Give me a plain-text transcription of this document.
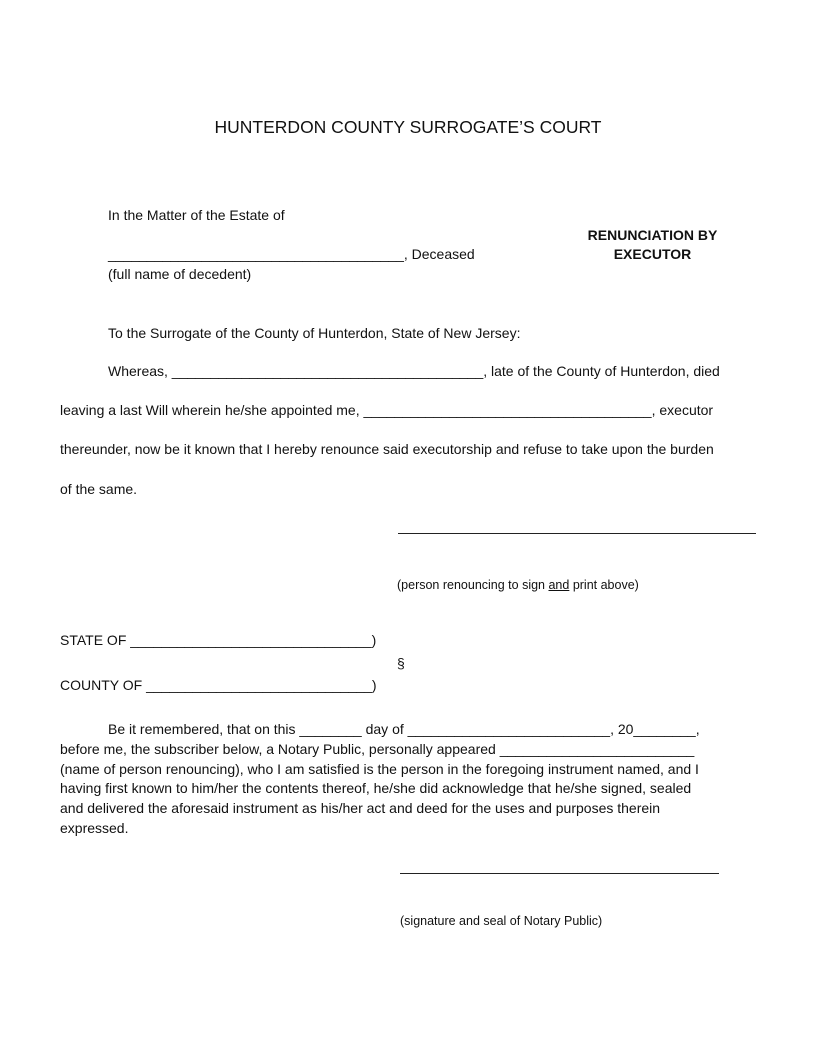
HUNTERDON COUNTY SURROGATE’S COURT
In the Matter of the Estate of
______________________________________, Deceased
(full name of decedent)
RENUNCIATION BY
EXECUTOR
To the Surrogate of the County of Hunterdon, State of New Jersey:
Whereas, ________________________________________, late of the County of Hunterdon, died
leaving a last Will wherein he/she appointed me, _____________________________________, executor
thereunder, now be it known that I hereby renounce said executorship and refuse to take upon the burden
of the same.
(person renouncing to sign and print above)
STATE OF _______________________________)
§
COUNTY OF _____________________________)
Be it remembered, that on this ________ day of __________________________, 20________,
before me, the subscriber below, a Notary Public, personally appeared _________________________
(name of person renouncing), who I am satisfied is the person in the foregoing instrument named, and I
having first known to him/her the contents thereof, he/she did acknowledge that he/she signed, sealed
and delivered the aforesaid instrument as his/her act and deed for the uses and purposes therein
expressed.
(signature and seal of Notary Public)
